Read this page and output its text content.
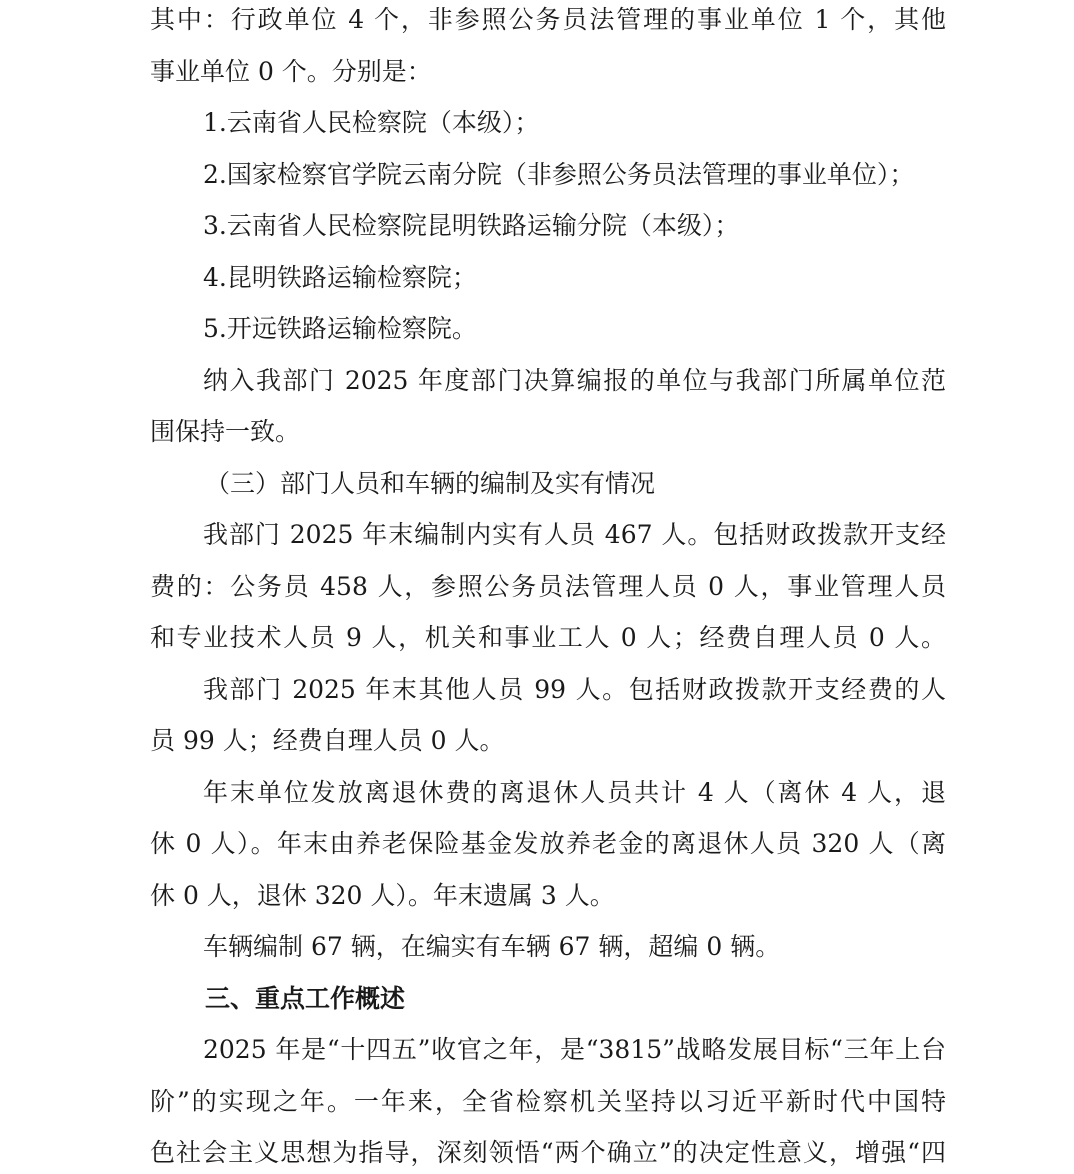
其中：行政单位 4 个，非参照公务员法管理的事业单位 1 个，其他
事业单位 0 个。分别是：
1.云南省人民检察院（本级）；
2.国家检察官学院云南分院（非参照公务员法管理的事业单位）；
3.云南省人民检察院昆明铁路运输分院（本级）；
4.昆明铁路运输检察院；
5.开远铁路运输检察院。
纳入我部门 2025 年度部门决算编报的单位与我部门所属单位范
围保持一致。
（三）部门人员和车辆的编制及实有情况
我部门 2025 年末编制内实有人员 467 人。包括财政拨款开支经
费的：公务员 458 人，参照公务员法管理人员 0 人，事业管理人员
和专业技术人员 9 人，机关和事业工人 0 人；经费自理人员 0 人。
我部门 2025 年末其他人员 99 人。包括财政拨款开支经费的人
员 99 人；经费自理人员 0 人。
年末单位发放离退休费的离退休人员共计 4 人（离休 4 人，退
休 0 人）。年末由养老保险基金发放养老金的离退休人员 320 人（离
休 0 人，退休 320 人）。年末遗属 3 人。
车辆编制 67 辆，在编实有车辆 67 辆，超编 0 辆。
三、重点工作概述
2025 年是“十四五”收官之年，是“3815”战略发展目标“三年上台
阶”的实现之年。一年来，全省检察机关坚持以习近平新时代中国特
色社会主义思想为指导，深刻领悟“两个确立”的决定性意义，增强“四
